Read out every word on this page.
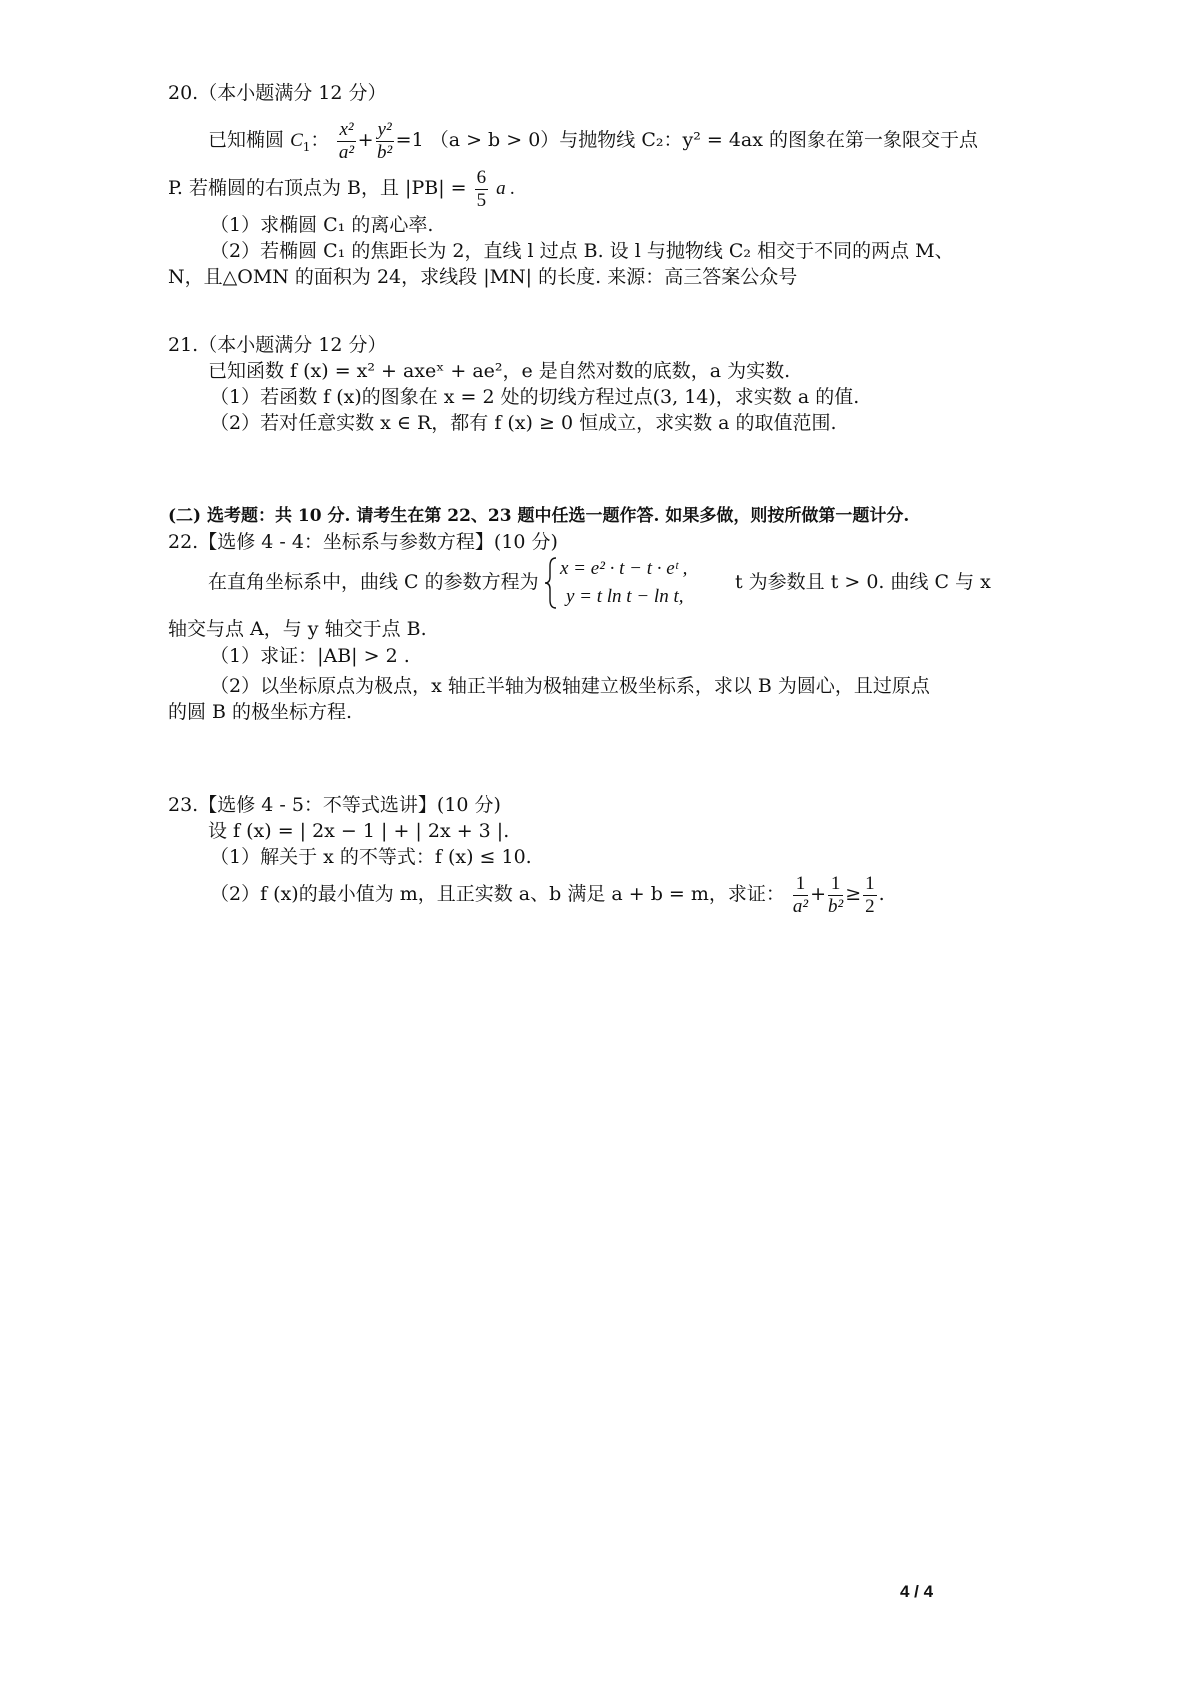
20.（本小题满分 12 分）
已知椭圆 $C_1$： $\frac{\text{x²}}{\text{a²}} + \frac{\text{y²}}{\text{b²}} =1$ （a > b > 0）与抛物线 C₂：y² = 4ax 的图象在第一象限交于点
P. 若椭圆的右顶点为 B，且 $|PB| = \frac{6}{5}$ a .
（1）求椭圆 C₁ 的离心率.
（2）若椭圆 C₁ 的焦距长为 2，直线 l 过点 B. 设 l 与抛物线 C₂ 相交于不同的两点 M、
N，且△OMN 的面积为 24，求线段 |MN| 的长度. 来源：高三答案公众号
21.（本小题满分 12 分）
已知函数 f (x) = x² + axeˣ + ae²，e 是自然对数的底数，a 为实数.
（1）若函数 f (x)的图象在 x = 2 处的切线方程过点(3, 14)，求实数 a 的值.
（2）若对任意实数 x ∈ R，都有 f (x) ≥ 0 恒成立，求实数 a 的取值范围.
(二) 选考题：共 10 分. 请考生在第 22、23 题中任选一题作答. 如果多做，则按所做第一题计分.
22.【选修 4 - 4：坐标系与参数方程】(10 分)
在直角坐标系中，曲线 C 的参数方程为
x = e² · t − t · eᵗ ,
y = t ln t − ln t,
t 为参数且 t > 0. 曲线 C 与 x
轴交与点 A，与 y 轴交于点 B.
（1）求证：|AB| > 2 .
（2）以坐标原点为极点，x 轴正半轴为极轴建立极坐标系，求以 B 为圆心，且过原点
的圆 B 的极坐标方程.
23.【选修 4 - 5：不等式选讲】(10 分)
设 f (x) = | 2x − 1 | + | 2x + 3 |.
（1）解关于 x 的不等式：f (x) ≤ 10.
（2）f (x)的最小值为 m，且正实数 a、b 满足 a + b = m，求证： $\frac{1}{\text{a²}} + \frac{1}{\text{b²}} \ge \frac{1}{2}$ .
4 / 4
